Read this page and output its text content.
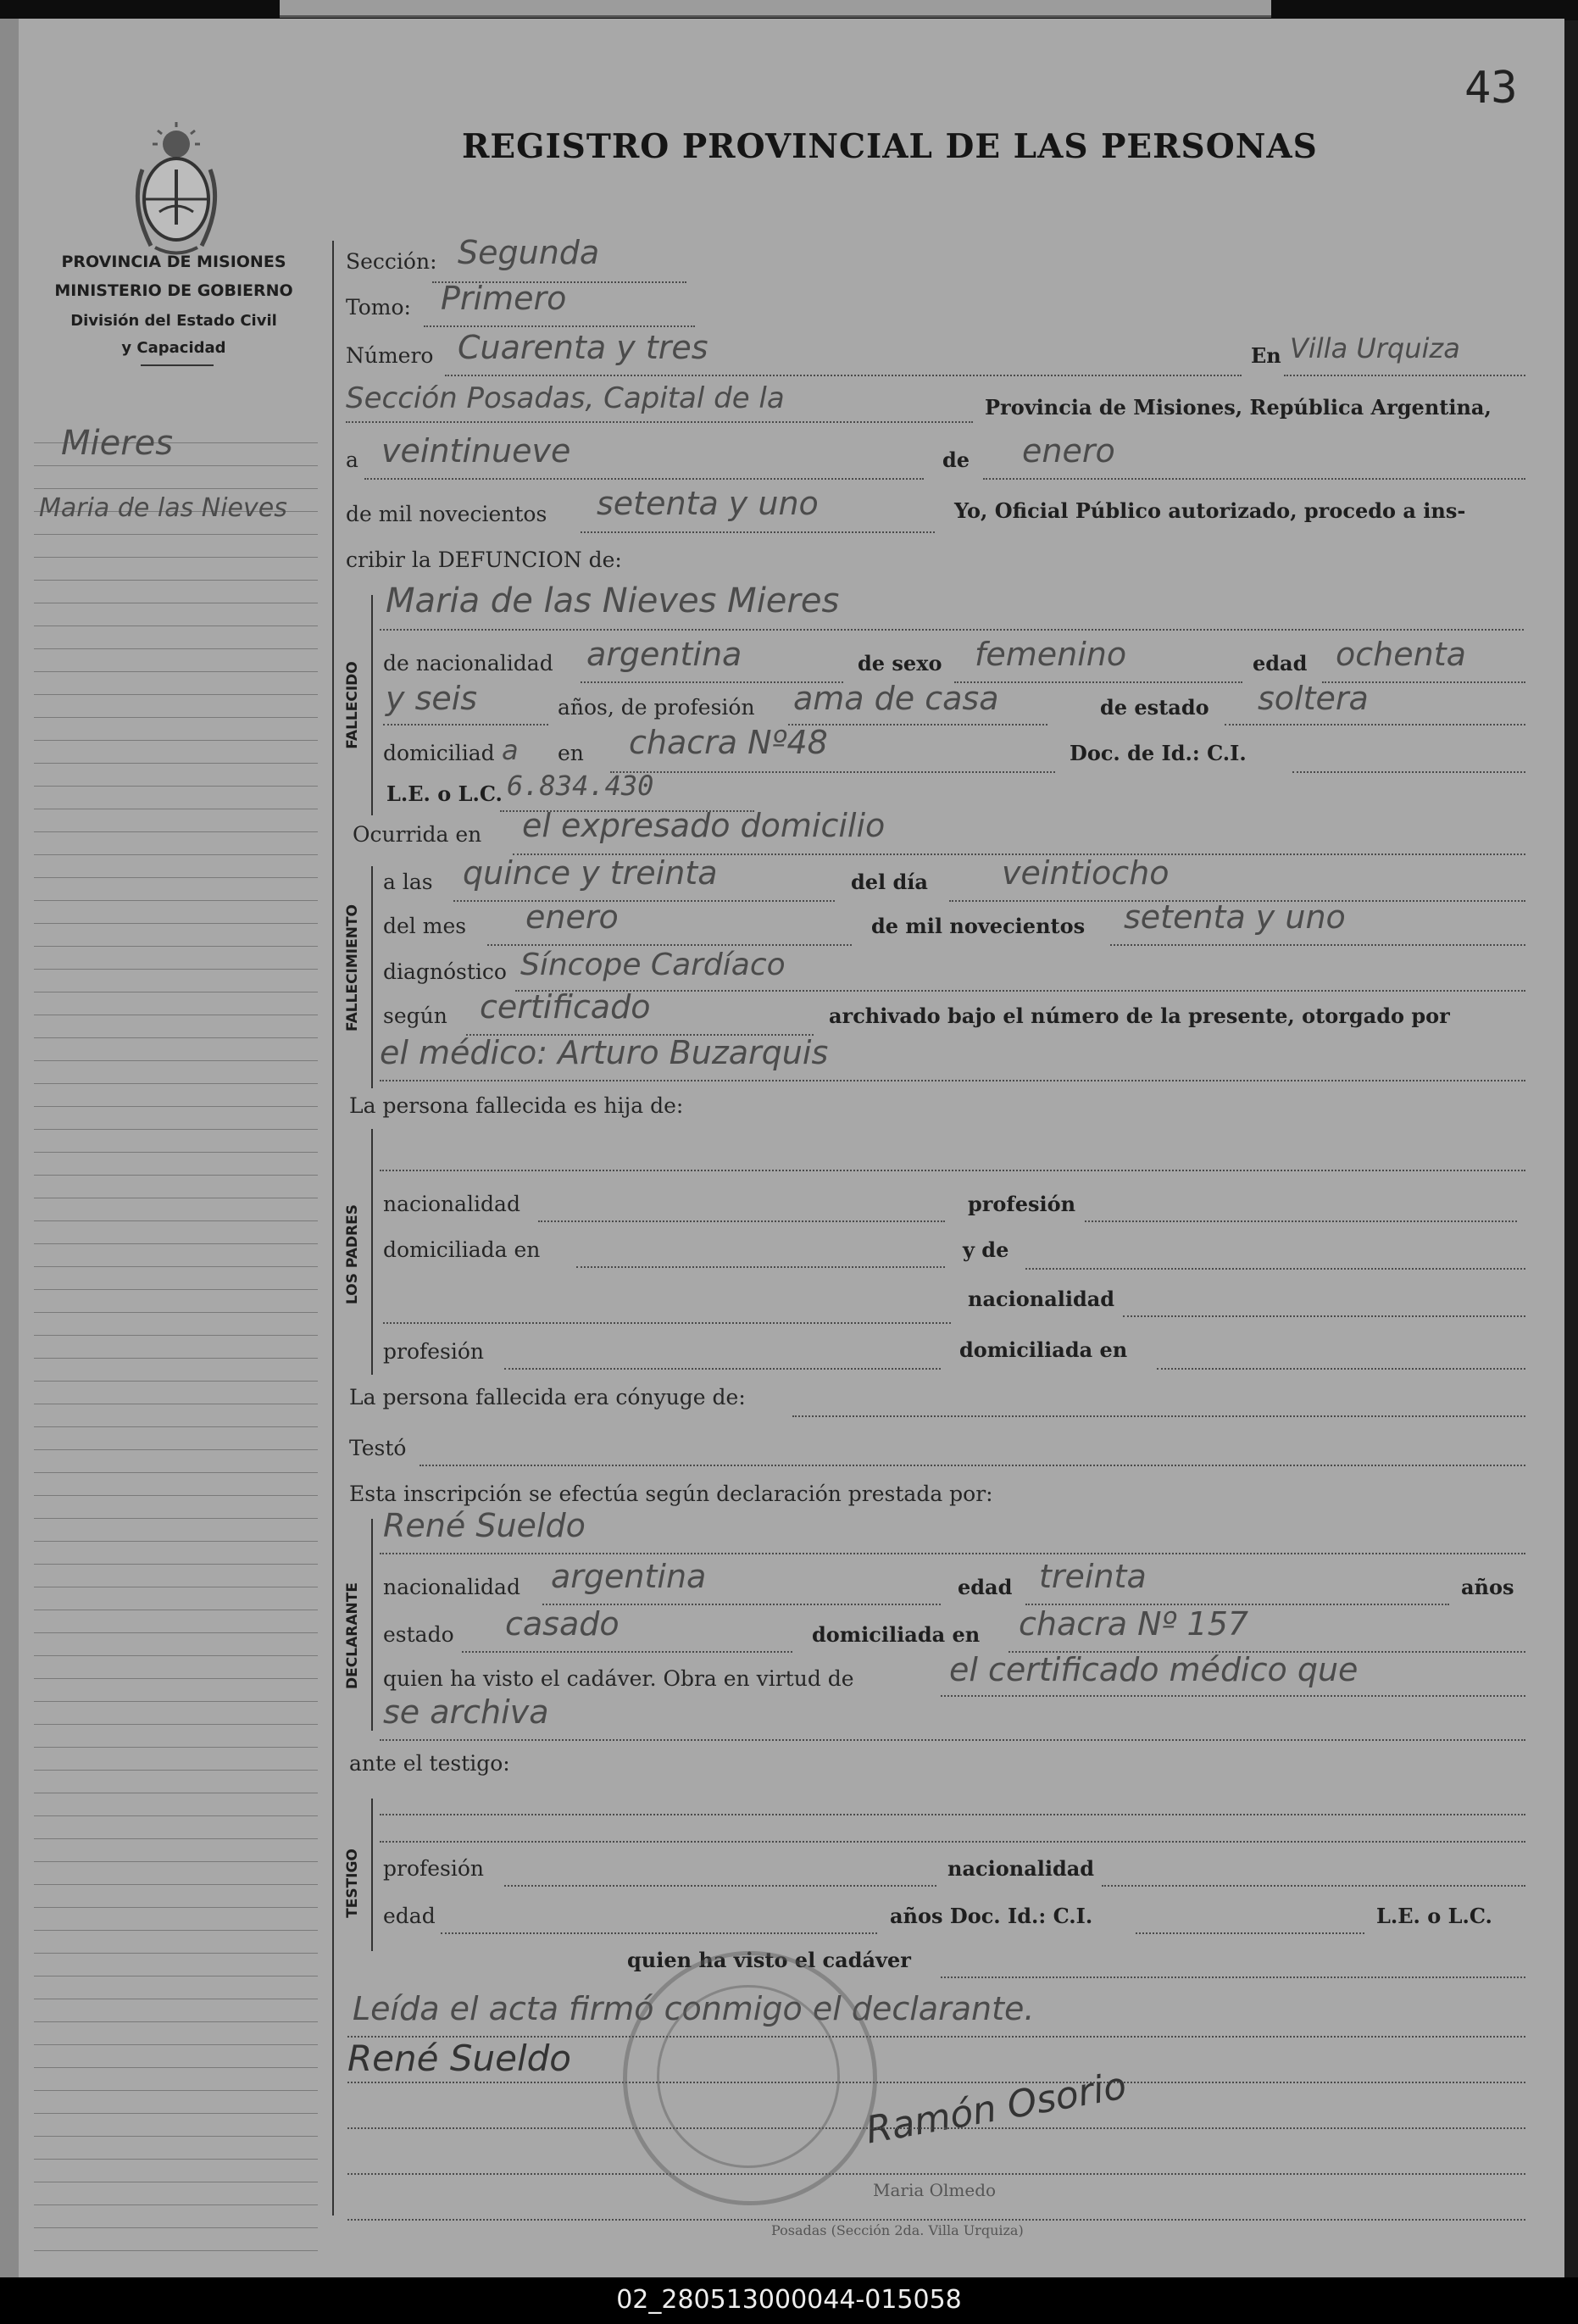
43
REGISTRO PROVINCIAL DE LAS PERSONAS
PROVINCIA DE MISIONES
MINISTERIO DE GOBIERNO
División del Estado Civil
y Capacidad
Mieres
Maria de las Nieves
Sección: Segunda
Tomo: Primero
Número Cuarenta y tres	En Villa Urquiza
Sección Posadas, Capital de la	Provincia de Misiones, República Argentina,
a veintinueve	de enero
de mil novecientos setenta y uno	Yo, Oficial Público autorizado, procedo a ins-
cribir la DEFUNCION de:
FALLECIDO
Maria de las Nieves Mieres
de nacionalidad argentina	de sexo femenino	edad ochenta
y seis	años, de profesión ama de casa	de estado soltera
domiciliad a en chacra Nº48	Doc. de Id.: C.I.
L.E. o L.C. 6.834.430
Ocurrida en el expresado domicilio
FALLECIMIENTO
a las quince y treinta	del día veintiocho
del mes enero	de mil novecientos setenta y uno
diagnóstico Síncope Cardíaco
según certificado	archivado bajo el número de la presente, otorgado por
el médico: Arturo Buzarquis
La persona fallecida es hija de:
LOS PADRES
nacionalidad	profesión
domiciliada en	y de
nacionalidad
profesión	domiciliada en
La persona fallecida era cónyuge de:
Testó
Esta inscripción se efectúa según declaración prestada por:
DECLARANTE
René Sueldo
nacionalidad argentina	edad treinta	años
estado casado	domiciliada en chacra Nº 157
quien ha visto el cadáver. Obra en virtud de	el certificado médico que
se archiva
ante el testigo:
TESTIGO profesión	nacionalidad
edad	años Doc. Id.: C.I.	L.E. o L.C.
quien ha visto el cadáver
Leída el acta firmó conmigo el declarante.
René Sueldo
Ramón Osorio
Maria Olmedo
Posadas (Sección 2da. Villa Urquiza)
02_280513000044-015058
